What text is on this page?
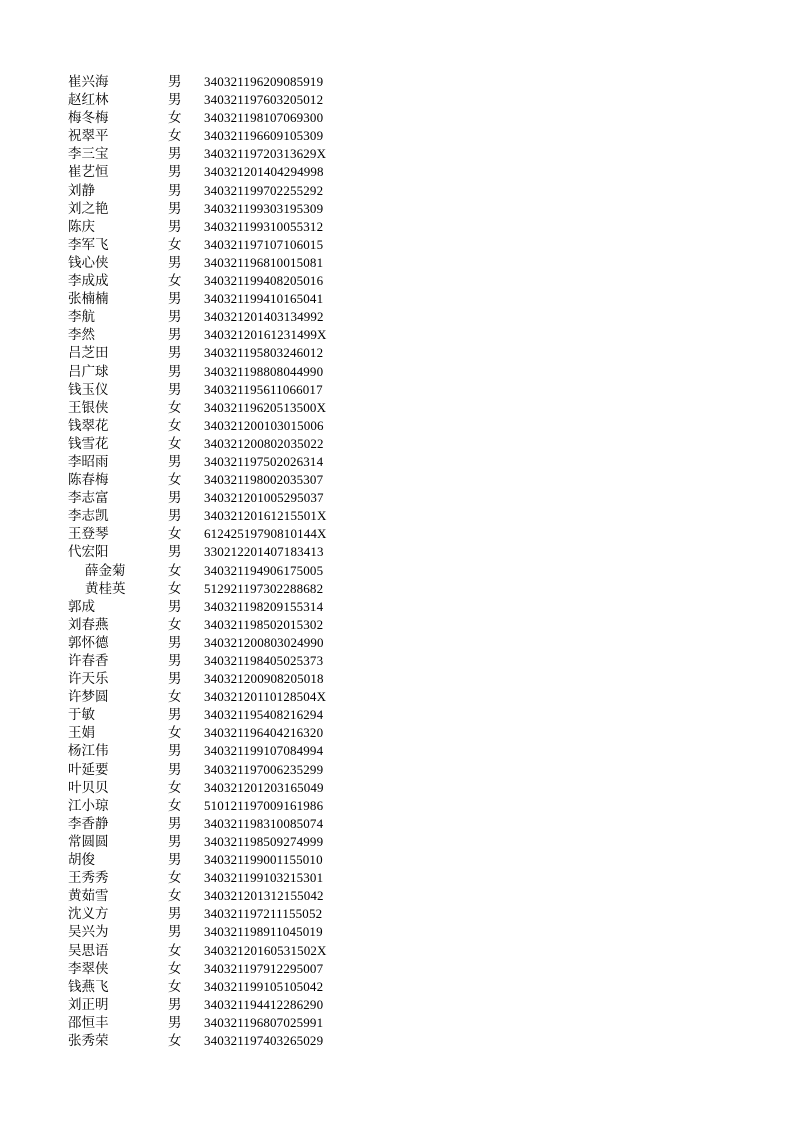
崔兴海	男 340321196209085919
赵红林	男 340321197603205012
梅冬梅	女 340321198107069300
祝翠平	女 340321196609105309
李三宝	男 34032119720313629X
崔艺恒	男 340321201404294998
刘静	男 340321199702255292
刘之艳	男 340321199303195309
陈庆	男 340321199310055312
李军飞	女 340321197107106015
钱心侠	男 340321196810015081
李成成	女 340321199408205016
张楠楠	男 340321199410165041
李航	男 340321201403134992
李然	男 34032120161231499X
吕芝田	男 340321195803246012
吕广球	男 340321198808044990
钱玉仪	男 340321195611066017
王银侠	女 34032119620513500X
钱翠花	女 340321200103015006
钱雪花	女 340321200802035022
李昭雨	男 340321197502026314
陈春梅	女 340321198002035307
李志富	男 340321201005295037
李志凯	男 34032120161215501X
王登琴	女 61242519790810144X
代宏阳	男 330212201407183413
薛金菊	女 340321194906175005
黄桂英	女 512921197302288682
郭成	男 340321198209155314
刘春燕	女 340321198502015302
郭怀德	男 340321200803024990
许春香	男 340321198405025373
许天乐	男 340321200908205018
许梦圆	女 34032120110128504X
于敏	男 340321195408216294
王娟	女 340321196404216320
杨江伟	男 340321199107084994
叶延要	男 340321197006235299
叶贝贝	女 340321201203165049
江小琼	女 510121197009161986
李香静	男 340321198310085074
常圆圆	男 340321198509274999
胡俊	男 340321199001155010
王秀秀	女 340321199103215301
黄茹雪	女 340321201312155042
沈义方	男 340321197211155052
吴兴为	男 340321198911045019
吴思语	女 34032120160531502X
李翠侠	女 340321197912295007
钱燕飞	女 340321199105105042
刘正明	男 340321194412286290
邵恒丰	男 340321196807025991
张秀荣	女 340321197403265029
